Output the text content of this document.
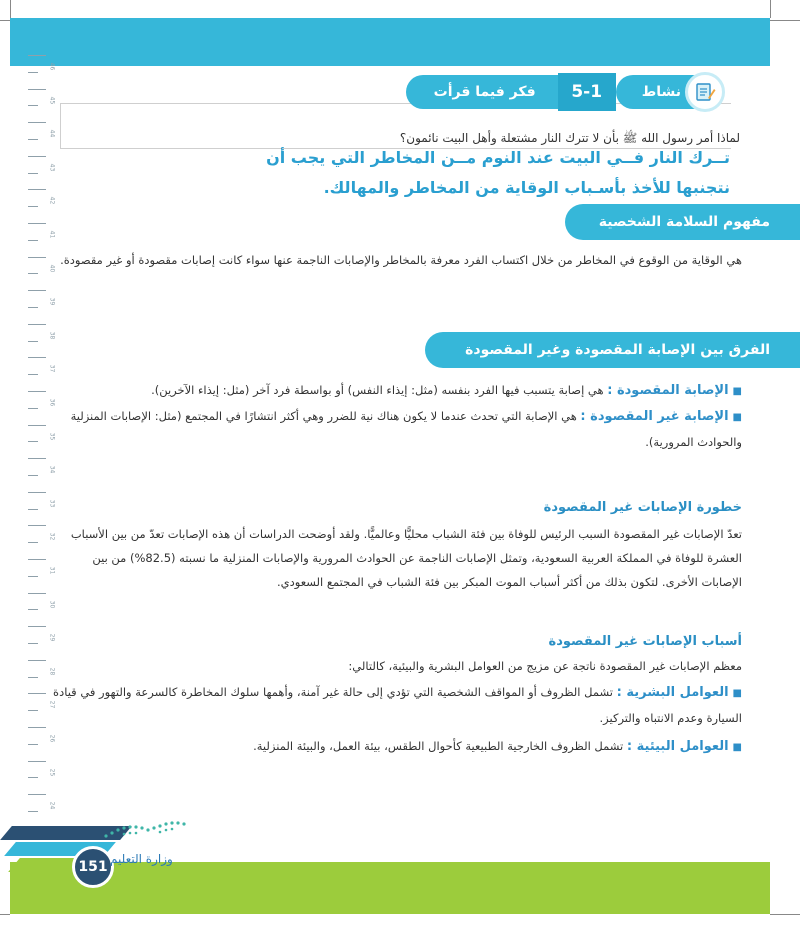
46
45
44
43
42
41
40
39
38
37
36
35
34
33
32
31
30
29
28
27
26
25
24
نشاط
5-1
فكر فيما قرأت
لماذا أمر رسول الله ﷺ بأن لا تترك النار مشتعلة وأهل البيت نائمون؟
تــرك النار فــي البيت عند النوم مــن المخاطر التي يجب أن
نتجنبها للأخذ بأسـباب الوقاية من المخاطر والمهالك.
مفهوم السلامة الشخصية
هي الوقاية من الوقوع في المخاطر من خلال اكتساب الفرد معرفة بالمخاطر والإصابات الناجمة عنها سواء كانت إصابات مقصودة أو غير مقصودة.
الفرق بين الإصابة المقصودة وغير المقصودة
■الإصابة المقصودة : هي إصابة يتسبب فيها الفرد بنفسه (مثل: إيذاء النفس) أو بواسطة فرد آخر (مثل: إيذاء الآخرين).
■الإصابة غير المقصودة : هي الإصابة التي تحدث عندما لا يكون هناك نية للضرر وهي أكثر انتشارًا في المجتمع (مثل: الإصابات المنزلية والحوادث المرورية).
خطورة الإصابات غير المقصودة
تعدّ الإصابات غير المقصودة السبب الرئيس للوفاة بين فئة الشباب محليًّا وعالميًّا. ولقد أوضحت الدراسات أن هذه الإصابات تعدّ من بين الأسباب العشرة للوفاة في المملكة العربية السعودية، وتمثل الإصابات الناجمة عن الحوادث المرورية والإصابات المنزلية ما نسبته (82.5%) من بين الإصابات الأخرى. لتكون بذلك من أكثر أسباب الموت المبكر بين فئة الشباب في المجتمع السعودي.
أسباب الإصابات غير المقصودة
معظم الإصابات غير المقصودة ناتجة عن مزيج من العوامل البشرية والبيئية، كالتالي:
■العوامل البشرية : تشمل الظروف أو المواقف الشخصية التي تؤدي إلى حالة غير آمنة، وأهمها سلوك المخاطرة كالسرعة والتهور في قيادة السيارة وعدم الانتباه والتركيز.
■العوامل البيئية : تشمل الظروف الخارجية الطبيعية كأحوال الطقس، بيئة العمل، والبيئة المنزلية.
151 وزارة التعليم
